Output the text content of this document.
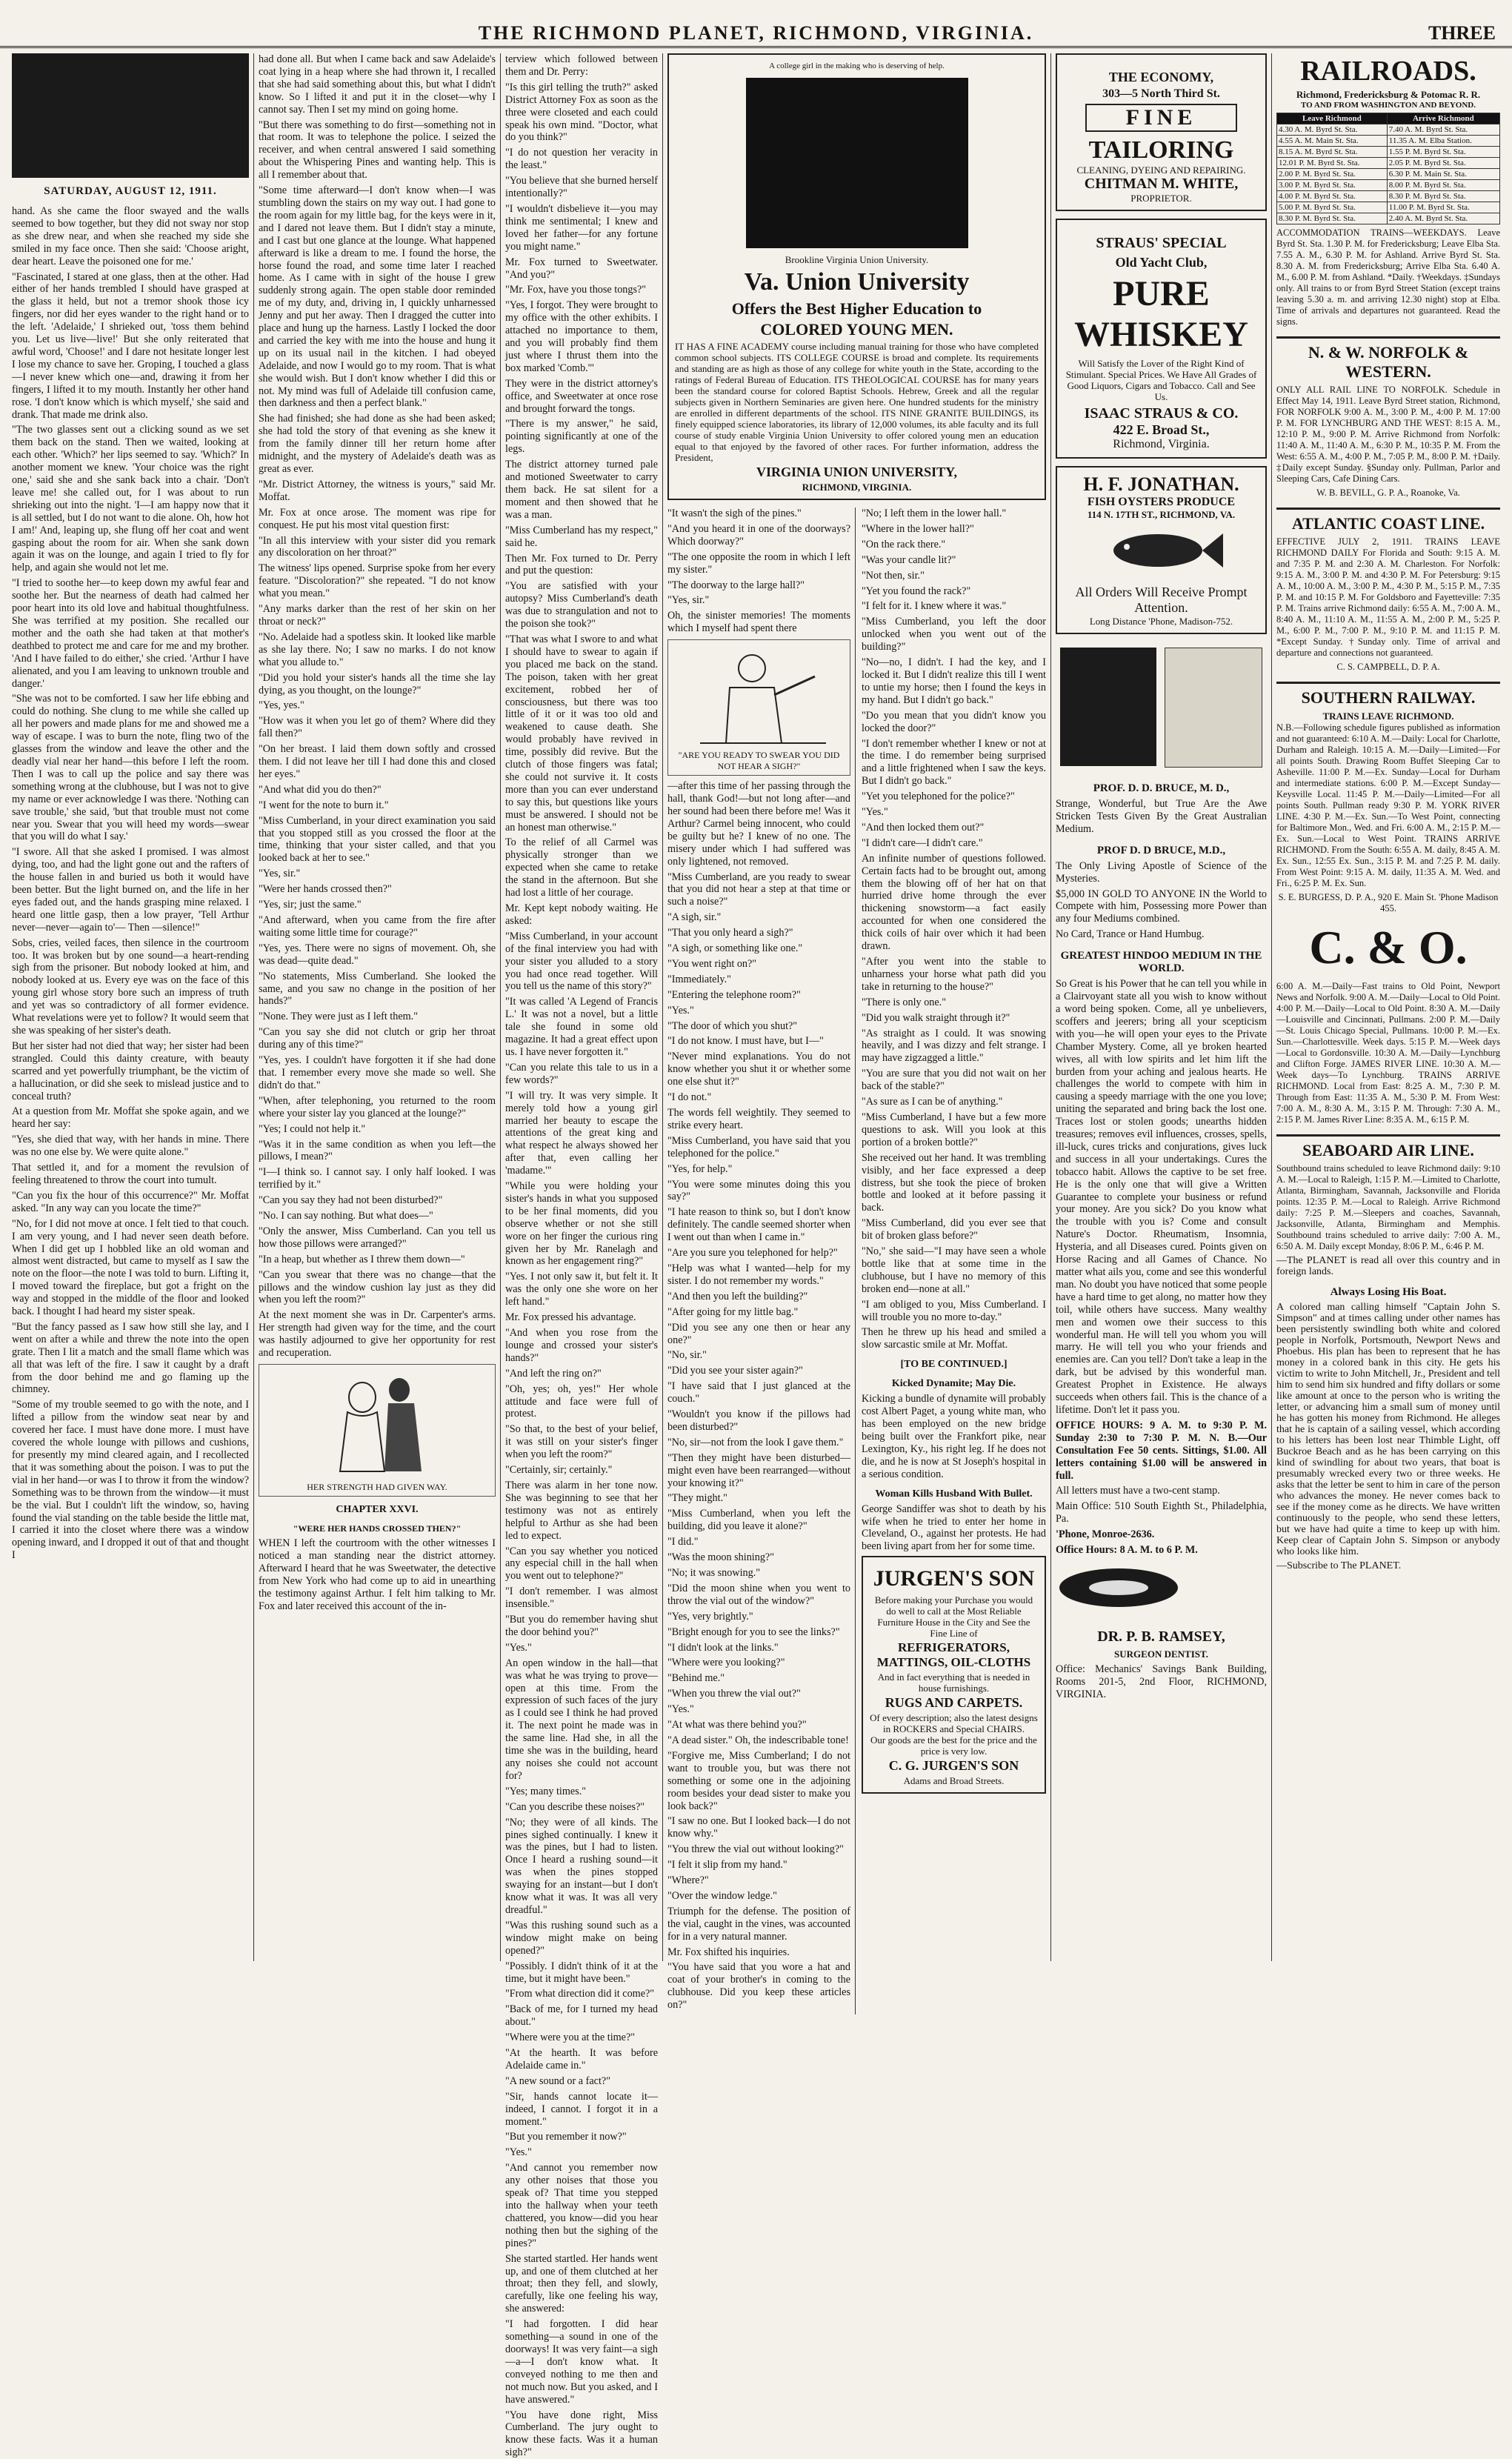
THE RICHMOND PLANET, RICHMOND, VIRGINIA.	THREE
SATURDAY, AUGUST 12, 1911.

hand. As she came the floor swayed and the walls seemed to bow together, but they did not sway nor stop as she drew near, and when she reached my side she smiled in my face once. Then she said: 'Choose aright, dear heart. Leave the poisoned one for me.'

"Fascinated, I stared at one glass, then at the other. Had either of her hands trembled I should have grasped at the glass it held, but not a tremor shook those icy fingers, nor did her eyes wander to the right hand or to the left. 'Adelaide,' I shrieked out, 'toss them behind you. Let us live—live!' But she only reiterated that awful word, 'Choose!' and I dare not hesitate longer lest I lose my chance to save her. Groping, I touched a glass—I never knew which one—and, drawing it from her fingers, I lifted it to my mouth. Instantly her other hand rose. 'I don't know which is which myself,' she said and drank. That made me drink also.

"The two glasses sent out a clicking sound as we set them back on the stand. Then we waited, looking at each other. 'Which?' her lips seemed to say. 'Which?' In another moment we knew. 'Your choice was the right one,' said she and she sank back into a chair. 'Don't leave me! she called out, for I was about to run shrieking out into the night. 'I—I am happy now that it is all settled, but I do not want to die alone. Oh, how hot I am!' And, leaping up, she flung off her coat and went gasping about the room for air. When she sank down again it was on the lounge, and again I tried to fly for help, and again she would not let me.

"I tried to soothe her—to keep down my awful fear and soothe her. But the nearness of death had calmed her poor heart into its old love and habitual thoughtfulness. She was terrified at my position. She recalled our mother and the oath she had taken at that mother's deathbed to protect me and care for me and my brother. 'And I have failed to do either,' she cried. 'Arthur I have alienated, and you I am leaving to unknown trouble and danger.'

"She was not to be comforted. I saw her life ebbing and could do nothing. She clung to me while she called up all her powers and made plans for me and showed me a way of escape. I was to burn the note, fling two of the glasses from the window and leave the other and the deadly vial near her hand—this before I left the room. Then I was to call up the police and say there was something wrong at the clubhouse, but I was not to give my name or ever acknowledge I was there. 'Nothing can save trouble,' she said, 'but that trouble must not come near you. Swear that you will heed my words—swear that you will do what I say.'

"I swore. All that she asked I promised. I was almost dying, too, and had the light gone out and the rafters of the house fallen in and buried us both it would have been better. But the light burned on, and the life in her eyes faded out, and the hands grasping mine relaxed. I heard one little gasp, then a low prayer, 'Tell Arthur never—never—again to'— Then —silence!"

Sobs, cries, veiled faces, then silence in the courtroom too. It was broken but by one sound—a heart-rending sigh from the prisoner. But nobody looked at him, and nobody looked at us. Every eye was on the face of this young girl whose story bore such an impress of truth and yet was so contradictory of all former evidence. What revelations were yet to follow? It would seem that she was speaking of her sister's death.

But her sister had not died that way; her sister had been strangled. Could this dainty creature, with beauty scarred and yet powerfully triumphant, be the victim of a hallucination, or did she seek to mislead justice and to conceal truth?

At a question from Mr. Moffat she spoke again, and we heard her say:

"Yes, she died that way, with her hands in mine. There was no one else by. We were quite alone."

That settled it, and for a moment the revulsion of feeling threatened to throw the court into tumult.

"Can you fix the hour of this occurrence?" Mr. Moffat asked. "In any way can you locate the time?"

"No, for I did not move at once. I felt tied to that couch. I am very young, and I had never seen death before. When I did get up I hobbled like an old woman and almost went distracted, but came to myself as I saw the note on the floor—the note I was told to burn. Lifting it, I moved toward the fireplace, but got a fright on the way and stopped in the middle of the floor and looked back. I thought I had heard my sister speak.

"But the fancy passed as I saw how still she lay, and I went on after a while and threw the note into the open grate. Then I lit a match and the small flame which was all that was left of the fire. I saw it caught by a draft from the door behind me and go flaming up the chimney.

"Some of my trouble seemed to go with the note, and I lifted a pillow from the window seat near by and covered her face. I must have done more. I must have covered the whole lounge with pillows and cushions, for presently my mind cleared again, and I recollected that it was something about the poison. I was to put the vial in her hand—or was I to throw it from the window? Something was to be thrown from the window—it must be the vial. But I couldn't lift the window, so, having found the vial standing on the table beside the little mat, I carried it into the closet where there was a window opening inward, and I dropped it out of that and thought I

had done all. But when I came back and saw Adelaide's coat lying in a heap where she had thrown it, I recalled that she had said something about this, but what I didn't know. So I lifted it and put it in the closet—why I cannot say. Then I set my mind on going home.

"But there was something to do first—something not in that room. It was to telephone the police. I seized the receiver, and when central answered I said something about the Whispering Pines and wanting help. This is all I remember about that.

"Some time afterward—I don't know when—I was stumbling down the stairs on my way out. I had gone to the room again for my little bag, for the keys were in it, and I dared not leave them. But I didn't stay a minute, and I cast but one glance at the lounge. What happened afterward is like a dream to me. I found the horse, the horse found the road, and some time later I reached home. As I came with in sight of the house I grew suddenly strong again. The open stable door reminded me of my duty, and, driving in, I quickly unharnessed Jenny and put her away. Then I dragged the cutter into place and hung up the harness. Lastly I locked the door and carried the key with me into the house and hung it up on its usual nail in the kitchen. I had obeyed Adelaide, and now I would go to my room. That is what she would wish. But I don't know whether I did this or not. My mind was full of Adelaide till confusion came, then darkness and then a perfect blank."

She had finished; she had done as she had been asked; she had told the story of that evening as she knew it from the family dinner till her return home after midnight, and the mystery of Adelaide's death was as great as ever.

"Mr. District Attorney, the witness is yours," said Mr. Moffat.

Mr. Fox at once arose. The moment was ripe for conquest. He put his most vital question first:

"In all this interview with your sister did you remark any discoloration on her throat?"

The witness' lips opened. Surprise spoke from her every feature. "Discoloration?" she repeated. "I do not know what you mean."

"Any marks darker than the rest of her skin on her throat or neck?"

"No. Adelaide had a spotless skin. It looked like marble as she lay there. No; I saw no marks. I do not know what you allude to."

"Did you hold your sister's hands all the time she lay dying, as you thought, on the lounge?"

"Yes, yes."

"How was it when you let go of them? Where did they fall then?"

"On her breast. I laid them down softly and crossed them. I did not leave her till I had done this and closed her eyes."

"And what did you do then?"

"I went for the note to burn it."

"Miss Cumberland, in your direct examination you said that you stopped still as you crossed the floor at the time, thinking that your sister called, and that you looked back at her to see."

"Yes, sir."

"Were her hands crossed then?"

"Yes, sir; just the same."

"And afterward, when you came from the fire after waiting some little time for courage?"

"Yes, yes. There were no signs of movement. Oh, she was dead—quite dead."

"No statements, Miss Cumberland. She looked the same, and you saw no change in the position of her hands?"

"None. They were just as I left them."

"Can you say she did not clutch or grip her throat during any of this time?"

"Yes, yes. I couldn't have forgotten it if she had done that. I remember every move she made so well. She didn't do that."

"When, after telephoning, you returned to the room where your sister lay you glanced at the lounge?"

"Yes; I could not help it."

"Was it in the same condition as when you left—the pillows, I mean?"

"I—I think so. I cannot say. I only half looked. I was terrified by it."

"Can you say they had not been disturbed?"

"No. I can say nothing. But what does—"

"Only the answer, Miss Cumberland. Can you tell us how those pillows were arranged?"

"In a heap, but whether as I threw them down—"

"Can you swear that there was no change—that the pillows and the window cushion lay just as they did when you left the room?"

At the next moment she was in Dr. Carpenter's arms. Her strength had given way for the time, and the court was hastily adjourned to give her opportunity for rest and recuperation.

HER STRENGTH HAD GIVEN WAY.
CHAPTER XXVI.
"WERE HER HANDS CROSSED THEN?"

WHEN I left the courtroom with the other witnesses I noticed a man standing near the district attorney. Afterward I heard that he was Sweetwater, the detective from New York who had come up to aid in unearthing the testimony against Arthur. I felt him talking to Mr. Fox and later received this account of the in-

terview which followed between them and Dr. Perry:

"Is this girl telling the truth?" asked District Attorney Fox as soon as the three were closeted and each could speak his own mind. "Doctor, what do you think?"

"I do not question her veracity in the least."

"You believe that she burned herself intentionally?"

"I wouldn't disbelieve it—you may think me sentimental; I knew and loved her father—for any fortune you might name."

Mr. Fox turned to Sweetwater. "And you?"

"Mr. Fox, have you those tongs?"

"Yes, I forgot. They were brought to my office with the other exhibits. I attached no importance to them, and you will probably find them just where I thrust them into the box marked 'Comb.'"

They were in the district attorney's office, and Sweetwater at once rose and brought forward the tongs.

"There is my answer," he said, pointing significantly at one of the legs.

The district attorney turned pale and motioned Sweetwater to carry them back. He sat silent for a moment and then showed that he was a man.

"Miss Cumberland has my respect," said he.

Then Mr. Fox turned to Dr. Perry and put the question:

"You are satisfied with your autopsy? Miss Cumberland's death was due to strangulation and not to the poison she took?"

"That was what I swore to and what I should have to swear to again if you placed me back on the stand. The poison, taken with her great excitement, robbed her of consciousness, but there was too little of it or it was too old and weakened to cause death. She would probably have revived in time, possibly did revive. But the clutch of those fingers was fatal; she could not survive it. It costs more than you can ever understand to say this, but questions like yours must be answered. I should not be an honest man otherwise."

To the relief of all Carmel was physically stronger than we expected when she came to retake the stand in the afternoon. But she had lost a little of her courage.

Mr. Kept kept nobody waiting. He asked:

"Miss Cumberland, in your account of the final interview you had with your sister you alluded to a story you had once read together. Will you tell us the name of this story?"

"It was called 'A Legend of Francis L.' It was not a novel, but a little tale she found in some old magazine. It had a great effect upon us. I have never forgotten it."

"Can you relate this tale to us in a few words?"

"I will try. It was very simple. It merely told how a young girl married her beauty to escape the attentions of the great king and what respect he always showed her after that, even calling her 'madame.'"

"While you were holding your sister's hands in what you supposed to be her final moments, did you observe whether or not she still wore on her finger the curious ring given her by Mr. Ranelagh and known as her engagement ring?"

"Yes. I not only saw it, but felt it. It was the only one she wore on her left hand."

Mr. Fox pressed his advantage.

"And when you rose from the lounge and crossed your sister's hands?"

"And left the ring on?"

"Oh, yes; oh, yes!" Her whole attitude and face were full of protest.

"So that, to the best of your belief, it was still on your sister's finger when you left the room?"

"Certainly, sir; certainly."

There was alarm in her tone now. She was beginning to see that her testimony was not as entirely helpful to Arthur as she had been led to expect.

"Can you say whether you noticed any especial chill in the hall when you went out to telephone?"

"I don't remember. I was almost insensible."

"But you do remember having shut the door behind you?"

"Yes."

An open window in the hall—that was what he was trying to prove—open at this time. From the expression of such faces of the jury as I could see I think he had proved it. The next point he made was in the same line. Had she, in all the time she was in the building, heard any noises she could not account for?

"Yes; many times."

"Can you describe these noises?"

"No; they were of all kinds. The pines sighed continually. I knew it was the pines, but I had to listen. Once I heard a rushing sound—it was when the pines stopped swaying for an instant—but I don't know what it was. It was all very dreadful."

"Was this rushing sound such as a window might make on being opened?"

"Possibly. I didn't think of it at the time, but it might have been."

"From what direction did it come?"

"Back of me, for I turned my head about."

"Where were you at the time?"

"At the hearth. It was before Adelaide came in."

"A new sound or a fact?"

"Sir, hands cannot locate it—indeed, I cannot. I forgot it in a moment."

"But you remember it now?"

"Yes."

"And cannot you remember now any other noises that those you speak of? That time you stepped into the hallway when your teeth chattered, you know—did you hear nothing then but the sighing of the pines?"

She started startled. Her hands went up, and one of them clutched at her throat; then they fell, and slowly, carefully, like one feeling his way, she answered:

"I had forgotten. I did hear something—a sound in one of the doorways! It was very faint—a sigh—a—I don't know what. It conveyed nothing to me then and not much now. But you asked, and I have answered."

"You have done right, Miss Cumberland. The jury ought to know these facts. Was it a human sigh?"

A college girl in the making who is deserving of help.
Brookline Virginia Union University.
Va. Union University
Offers the Best Higher Education to
COLORED YOUNG MEN.
IT HAS A FINE ACADEMY course including manual training for those who have completed common school subjects. ITS COLLEGE COURSE is broad and complete. Its requirements and standing are as high as those of any college for white youth in the State, according to the ratings of Federal Bureau of Education. ITS THEOLOGICAL COURSE has for many years been the standard course for colored Baptist Schools. Hebrew, Greek and all the regular subjects given in Northern Seminaries are given here. One hundred students for the ministry are enrolled in different departments of the school. ITS NINE GRANITE BUILDINGS, its finely equipped science laboratories, its library of 12,000 volumes, its able faculty and its full course of study enable Virginia Union University to offer colored young men an education equal to that enjoyed by the favored of other races. For further information, address the President,
VIRGINIA UNION UNIVERSITY,
RICHMOND, VIRGINIA.

"It wasn't the sigh of the pines."

"And you heard it in one of the doorways? Which doorway?"

"The one opposite the room in which I left my sister."

"The doorway to the large hall?"

"Yes, sir."

Oh, the sinister memories! The moments which I myself had spent there

"ARE YOU READY TO SWEAR YOU DID NOT HEAR A SIGH?"

—after this time of her passing through the hall, thank God!—but not long after—and her sound had been there before me! Was it Arthur? Carmel being innocent, who could be guilty but he? I knew of no one. The misery under which I had suffered was only lightened, not removed.

"Miss Cumberland, are you ready to swear that you did not hear a step at that time or such a noise?"

"A sigh, sir."

"That you only heard a sigh?"

"A sigh, or something like one."

"You went right on?"

"Immediately."

"Entering the telephone room?"

"Yes."

"The door of which you shut?"

"I do not know. I must have, but I—"

"Never mind explanations. You do not know whether you shut it or whether some one else shut it?"

"I do not."

The words fell weightily. They seemed to strike every heart.

"Miss Cumberland, you have said that you telephoned for the police."

"Yes, for help."

"You were some minutes doing this you say?"

"I hate reason to think so, but I don't know definitely. The candle seemed shorter when I went out than when I came in."

"Are you sure you telephoned for help?"

"Help was what I wanted—help for my sister. I do not remember my words."

"And then you left the building?"

"After going for my little bag."

"Did you see any one then or hear any one?"

"No, sir."

"Did you see your sister again?"

"I have said that I just glanced at the couch."

"Wouldn't you know if the pillows had been disturbed?"

"No, sir—not from the look I gave them."

"Then they might have been disturbed—might even have been rearranged—without your knowing it?"

"They might."

"Miss Cumberland, when you left the building, did you leave it alone?"

"I did."

"Was the moon shining?"

"No; it was snowing."

"Did the moon shine when you went to throw the vial out of the window?"

"Yes, very brightly."

"Bright enough for you to see the links?"

"I didn't look at the links."

"Where were you looking?"

"Behind me."

"When you threw the vial out?"

"Yes."

"At what was there behind you?"

"A dead sister." Oh, the indescribable tone!

"Forgive me, Miss Cumberland; I do not want to trouble you, but was there not something or some one in the adjoining room besides your dead sister to make you look back?"

"I saw no one. But I looked back—I do not know why."

"You threw the vial out without looking?"

"I felt it slip from my hand."

"Where?"

"Over the window ledge."

Triumph for the defense. The position of the vial, caught in the vines, was accounted for in a very natural manner.

Mr. Fox shifted his inquiries.

"You have said that you wore a hat and coat of your brother's in coming to the clubhouse. Did you keep these articles on?"

"No; I left them in the lower hall."

"Where in the lower hall?"

"On the rack there."

"Was your candle lit?"

"Not then, sir."

"Yet you found the rack?"

"I felt for it. I knew where it was."

"Miss Cumberland, you left the door unlocked when you went out of the building?"

"No—no, I didn't. I had the key, and I locked it. But I didn't realize this till I went to untie my horse; then I found the keys in my hand. But I didn't go back."

"Do you mean that you didn't know you locked the door?"

"I don't remember whether I knew or not at the time. I do remember being surprised and a little frightened when I saw the keys. But I didn't go back."

"Yet you telephoned for the police?"

"Yes."

"And then locked them out?"

"I didn't care—I didn't care."

An infinite number of questions followed. Certain facts had to be brought out, among them the blowing off of her hat on that hurried drive home through the ever thickening snowstorm—a fact easily accounted for when one considered the thick coils of hair over which it had been drawn.

"After you went into the stable to unharness your horse what path did you take in returning to the house?"

"There is only one."

"Did you walk straight through it?"

"As straight as I could. It was snowing heavily, and I was dizzy and felt strange. I may have zigzagged a little."

"You are sure that you did not wait on her back of the stable?"

"As sure as I can be of anything."

"Miss Cumberland, I have but a few more questions to ask. Will you look at this portion of a broken bottle?"

She received out her hand. It was trembling visibly, and her face expressed a deep distress, but she took the piece of broken bottle and looked at it before passing it back.

"Miss Cumberland, did you ever see that bit of broken glass before?"

"No," she said—"I may have seen a whole bottle like that at some time in the clubhouse, but I have no memory of this broken end—none at all."

"I am obliged to you, Miss Cumberland. I will trouble you no more to-day."

Then he threw up his head and smiled a slow sarcastic smile at Mr. Moffat.

[TO BE CONTINUED.]
Kicked Dynamite; May Die.

Kicking a bundle of dynamite will probably cost Albert Paget, a young white man, who has been employed on the new bridge being built over the Frankfort pike, near Lexington, Ky., his right leg. If he does not die, and he is now at St Joseph's hospital in a serious condition.

Woman Kills Husband With Bullet.

George Sandiffer was shot to death by his wife when he tried to enter her home in Cleveland, O., against her protests. He had been living apart from her for some time.

JURGEN'S SON
Before making your Purchase you would do well to call at the Most Reliable Furniture House in the City and See the Fine Line of
REFRIGERATORS, MATTINGS, OIL-CLOTHS
And in fact everything that is needed in house furnishings.
RUGS AND CARPETS.
Of every description; also the latest designs in ROCKERS and Special CHAIRS.
Our goods are the best for the price and the price is very low.
C. G. JURGEN'S SON
Adams and Broad Streets.
THE ECONOMY,
303—5 North Third St.
FINE
TAILORING
CLEANING, DYEING AND REPAIRING.
CHITMAN M. WHITE,
PROPRIETOR.
STRAUS' SPECIAL
Old Yacht Club,
PURE WHISKEY
Will Satisfy the Lover of the Right Kind of Stimulant. Special Prices. We Have All Grades of Good Liquors, Cigars and Tobacco. Call and See Us.
ISAAC STRAUS & CO.
422 E. Broad St.,
Richmond, Virginia.
H. F. JONATHAN.
FISH OYSTERS PRODUCE
114 N. 17TH ST., RICHMOND, VA.
All Orders Will Receive Prompt Attention.
Long Distance 'Phone, Madison-752.
PROF. D. D. BRUCE, M. D.,

Strange, Wonderful, but True Are the Awe Stricken Tests Given By the Great Australian Medium.

PROF D. D BRUCE, M.D.,

The Only Living Apostle of Science of the Mysteries.

$5,000 IN GOLD TO ANYONE IN the World to Compete with him, Possessing more Power than any four Mediums combined.

No Card, Trance or Hand Humbug.

GREATEST HINDOO MEDIUM IN THE WORLD.

So Great is his Power that he can tell you while in a Clairvoyant state all you wish to know without a word being spoken. Come, all ye unbelievers, scoffers and jeerers; bring all your scepticism with you—he will open your eyes to the Private Chamber Mystery. Come, all ye broken hearted wives, all with low spirits and let him lift the burden from your aching and jealous hearts. He challenges the world to compete with him in causing a speedy marriage with the one you love; uniting the separated and bring back the lost one. Traces lost or stolen goods; unearths hidden treasures; removes evil influences, crosses, spells, ill-luck, cures tricks and conjurations, gives luck and success in all your undertakings. Cures the tobacco habit. Allows the captive to be set free. He is the only one that will give a Written Guarantee to complete your business or refund your money. Are you sick? Do you know what the trouble with you is? Come and consult Nature's Doctor. Rheumatism, Insomnia, Hysteria, and all Diseases cured. Points given on Horse Racing and all Games of Chance. No matter what ails you, come and see this wonderful man. No doubt you have noticed that some people have a hard time to get along, no matter how they toil, while others have success. Many wealthy men and women owe their success to this wonderful man. He will tell you whom you will marry. He will tell you who your friends and enemies are. Can you tell? Don't take a leap in the dark, but be advised by this wonderful man. Greatest Prophet in Existence. He always succeeds when others fail. This is the chance of a lifetime. Don't let it pass you.

OFFICE HOURS: 9 A. M. to 9:30 P. M. Sunday 2:30 to 7:30 P. M. N. B.—Our Consultation Fee 50 cents. Sittings, $1.00. All letters containing $1.00 will be answered in full.

All letters must have a two-cent stamp.

Main Office: 510 South Eighth St., Philadelphia, Pa.

'Phone, Monroe-2636.

Office Hours: 8 A. M. to 6 P. M.

DR. P. B. RAMSEY,
SURGEON DENTIST.

Office: Mechanics' Savings Bank Building, Rooms 201-5, 2nd Floor, RICHMOND, VIRGINIA.

RAILROADS.
Richmond, Fredericksburg & Potomac R. R.
TO AND FROM WASHINGTON AND BEYOND.
Leave Richmond	Arrive Richmond
4.30 A. M. Byrd St. Sta.	7.40 A. M. Byrd St. Sta.
4.55 A. M. Main St. Sta.	11.35 A. M. Elba Station.
8.15 A. M. Byrd St. Sta.	1.55 P. M. Byrd St. Sta.
12.01 P. M. Byrd St. Sta.	2.05 P. M. Byrd St. Sta.
2.00 P. M. Byrd St. Sta.	6.30 P. M. Main St. Sta.
3.00 P. M. Byrd St. Sta.	8.00 P. M. Byrd St. Sta.
4.00 P. M. Byrd St. Sta.	8.30 P. M. Byrd St. Sta.
5.00 P. M. Byrd St. Sta.	11.00 P. M. Byrd St. Sta.
8.30 P. M. Byrd St. Sta.	2.40 A. M. Byrd St. Sta.

ACCOMMODATION TRAINS—WEEKDAYS. Leave Byrd St. Sta. 1.30 P. M. for Fredericksburg; Leave Elba Sta. 7.55 A. M., 6.30 P. M. for Ashland. Arrive Byrd St. Sta. 8.30 A. M. from Fredericksburg; Arrive Elba Sta. 6.40 A. M., 6.00 P. M. from Ashland. *Daily. †Weekdays. ‡Sundays only. All trains to or from Byrd Street Station (except trains leaving 5.30 a. m. and arriving 12.30 night) stop at Elba. Time of arrivals and departures not guaranteed. Read the signs.

N. & W. NORFOLK & WESTERN.

ONLY ALL RAIL LINE TO NORFOLK. Schedule in Effect May 14, 1911. Leave Byrd Street station, Richmond, FOR NORFOLK 9:00 A. M., 3:00 P. M., 4:00 P. M. 17:00 P. M. FOR LYNCHBURG AND THE WEST: 8:15 A. M., 12:10 P. M., 9:00 P. M. Arrive Richmond from Norfolk: 11:40 A. M., 11:40 A. M., 6:30 P. M., 10:35 P. M. From the West: 6:55 A. M., 4:00 P. M., 7:05 P. M., 8:00 P. M. †Daily. ‡Daily except Sunday. §Sunday only. Pullman, Parlor and Sleeping Cars, Cafe Dining Cars.

W. B. BEVILL, G. P. A., Roanoke, Va.

ATLANTIC COAST LINE.

EFFECTIVE JULY 2, 1911. TRAINS LEAVE RICHMOND DAILY For Florida and South: 9:15 A. M. and 7:35 P. M. and 2:30 A. M. Charleston. For Norfolk: 9:15 A. M., 3:00 P. M. and 4:30 P. M. For Petersburg: 9:15 A. M., 10:00 A. M., 3:00 P. M., 4:30 P. M., 5:15 P. M., 7:35 P. M. and 10:15 P. M. For Goldsboro and Fayetteville: 7:35 P. M. Trains arrive Richmond daily: 6:55 A. M., 7:00 A. M., 8:40 A. M., 11:10 A. M., 11:55 A. M., 2:00 P. M., 5:25 P. M., 6:00 P. M., 7:00 P. M., 9:10 P. M. and 11:15 P. M. *Except Sunday. †Sunday only. Time of arrival and departure and connections not guaranteed.

C. S. CAMPBELL, D. P. A.

SOUTHERN RAILWAY.
TRAINS LEAVE RICHMOND.

N.B.—Following schedule figures published as information and not guaranteed: 6:10 A. M.—Daily: Local for Charlotte, Durham and Raleigh. 10:15 A. M.—Daily—Limited—For all points South. Drawing Room Buffet Sleeping Car to Asheville. 11:00 P. M.—Ex. Sunday—Local for Durham and intermediate stations. 6:00 P. M.—Except Sunday—Keysville Local. 11:45 P. M.—Daily—Limited—For all points South. Pullman ready 9:30 P. M. YORK RIVER LINE. 4:30 P. M.—Ex. Sun.—To West Point, connecting for Baltimore Mon., Wed. and Fri. 6:00 A. M., 2:15 P. M.—Ex. Sun.—Local to West Point. TRAINS ARRIVE RICHMOND. From the South: 6:55 A. M. daily, 8:45 A. M. Ex. Sun., 12:55 Ex. Sun., 3:15 P. M. and 7:25 P. M. daily. From West Point: 9:15 A. M. daily, 11:35 A. M. Wed. and Fri., 6:25 P. M. Ex. Sun.

S. E. BURGESS, D. P. A., 920 E. Main St. 'Phone Madison 455.

C. & O.

6:00 A. M.—Daily—Fast trains to Old Point, Newport News and Norfolk. 9:00 A. M.—Daily—Local to Old Point. 4:00 P. M.—Daily—Local to Old Point. 8:30 A. M.—Daily—Louisville and Cincinnati, Pullmans. 2:00 P. M.—Daily—St. Louis Chicago Special, Pullmans. 10:00 P. M.—Ex. Sun.—Charlottesville. Week days. 5:15 P. M.—Week days—Local to Gordonsville. 10:30 A. M.—Daily—Lynchburg and Clifton Forge. JAMES RIVER LINE. 10:30 A. M.—Week days—To Lynchburg. TRAINS ARRIVE RICHMOND. Local from East: 8:25 A. M., 7:30 P. M. Through from East: 11:35 A. M., 5:30 P. M. From West: 7:00 A. M., 8:30 A. M., 3:15 P. M. Through: 7:30 A. M., 2:15 P. M. James River Line: 8:35 A. M., 6:15 P. M.

SEABOARD AIR LINE.

Southbound trains scheduled to leave Richmond daily: 9:10 A. M.—Local to Raleigh, 1:15 P. M.—Limited to Charlotte, Atlanta, Birmingham, Savannah, Jacksonville and Florida points. 12:35 P. M.—Local to Raleigh. Arrive Richmond daily: 7:25 P. M.—Sleepers and coaches, Savannah, Jacksonville, Atlanta, Birmingham and Memphis. Southbound trains scheduled to arrive daily: 7:00 A. M., 6:50 A. M. Daily except Monday, 8:06 P. M., 6:46 P. M.

—The PLANET is read all over this country and in foreign lands.

Always Losing His Boat.

A colored man calling himself "Captain John S. Simpson" and at times calling under other names has been persistently swindling both white and colored people in Norfolk, Portsmouth, Newport News and Phoebus. His plan has been to represent that he has money in a colored bank in this city. He gets his victim to write to John Mitchell, Jr., President and tell him to send him six hundred and fifty dollars or some like amount at once to the person who is writing the letter, or advancing him a small sum of money until he has gotten his money from Richmond. He alleges that he is captain of a sailing vessel, which according to his letters has been lost near Thimble Light, off Buckroe Beach and as he has been carrying on this kind of swindling for about two years, that boat is presumably wrecked every two or three weeks. He asks that the letter be sent to him in care of the person who advances the money. He never comes back to see if the money come as he directs. We have written continuously to the people, who send these letters, but we have had quite a time to keep up with him. Keep clear of Captain John S. Simpson or anybody who looks like him.

—Subscribe to The PLANET.
